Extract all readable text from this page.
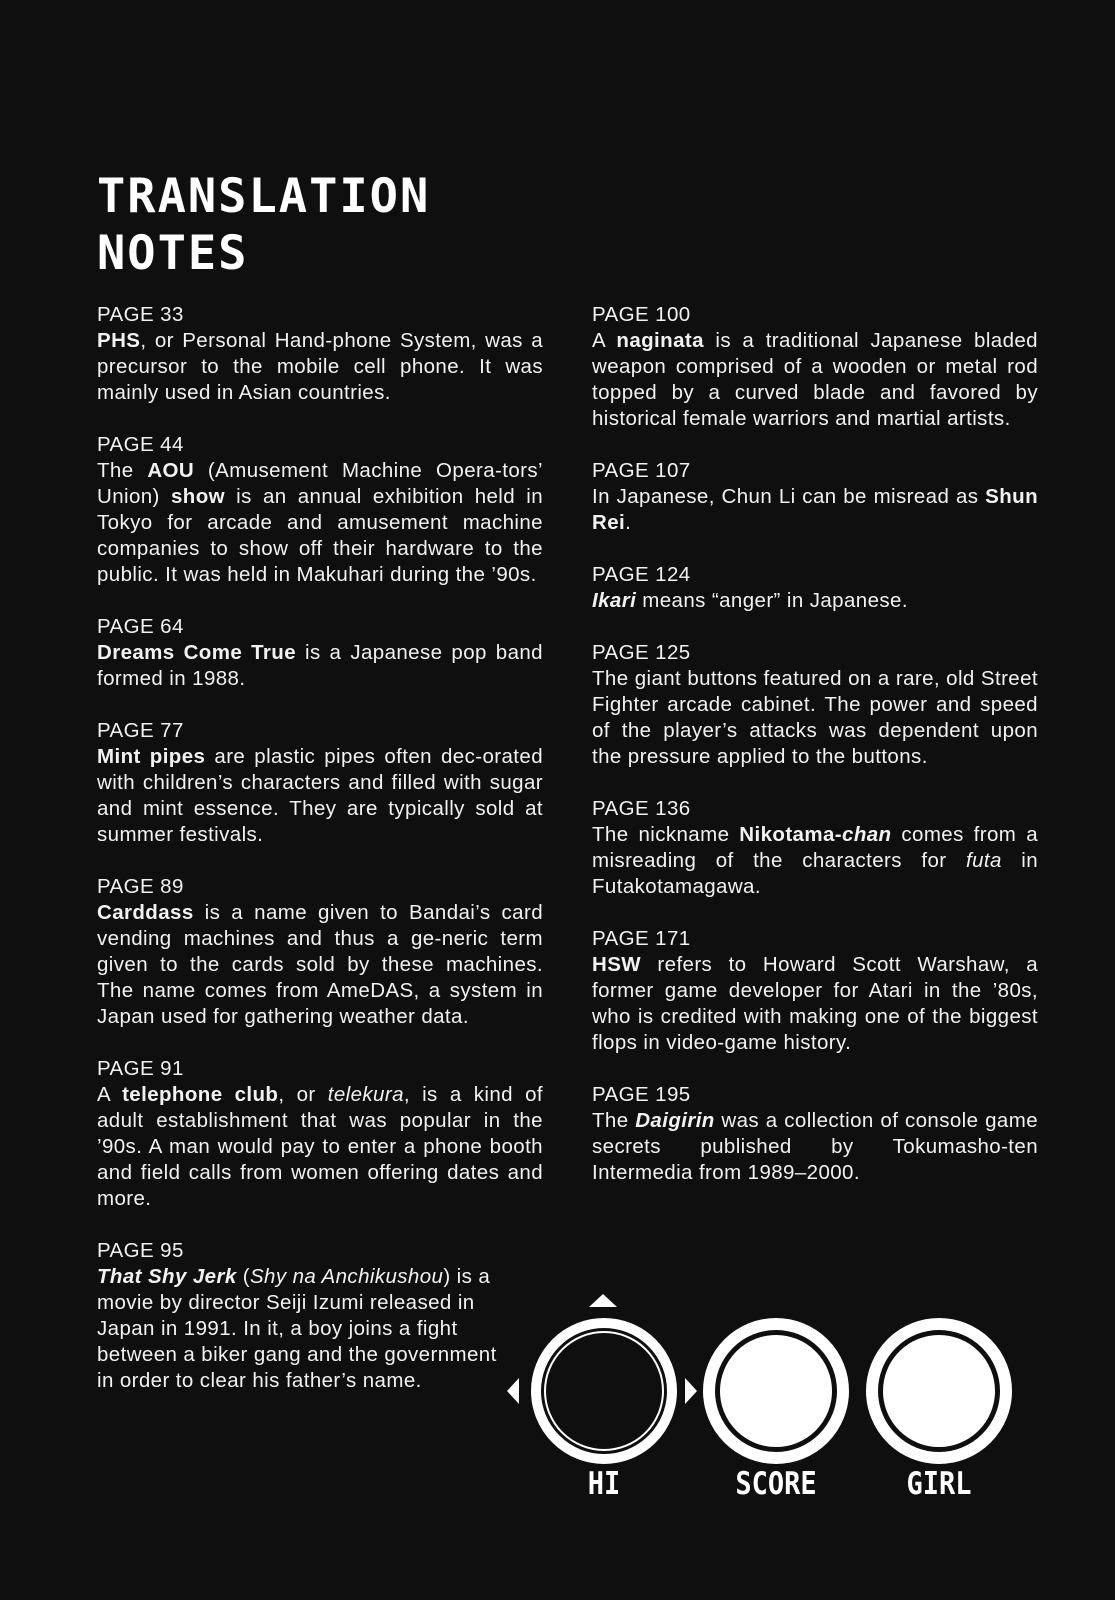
TRANSLATION
NOTES

PAGE 33
PHS, or Personal Hand-phone System, was a precursor to the mobile cell phone. It was mainly used in Asian countries.

PAGE 44
The AOU (Amusement Machine Opera-tors’ Union) show is an annual exhibition held in Tokyo for arcade and amusement machine companies to show off their hardware to the public. It was held in Makuhari during the ’90s.

PAGE 64
Dreams Come True is a Japanese pop band formed in 1988.

PAGE 77
Mint pipes are plastic pipes often dec-orated with children’s characters and filled with sugar and mint essence. They are typically sold at summer festivals.

PAGE 89
Carddass is a name given to Bandai’s card vending machines and thus a ge-neric term given to the cards sold by these machines. The name comes from AmeDAS, a system in Japan used for gathering weather data.

PAGE 91
A telephone club, or telekura, is a kind of adult establishment that was popular in the ’90s. A man would pay to enter a phone booth and field calls from women offering dates and more.

PAGE 95
That Shy Jerk (Shy na Anchikushou) is a movie by director Seiji Izumi released in Japan in 1991. In it, a boy joins a fight between a biker gang and the government in order to clear his father’s name.

PAGE 100
A naginata is a traditional Japanese bladed weapon comprised of a wooden or metal rod topped by a curved blade and favored by historical female warriors and martial artists.

PAGE 107
In Japanese, Chun Li can be misread as Shun Rei.

PAGE 124
Ikari means “anger” in Japanese.

PAGE 125
The giant buttons featured on a rare, old Street Fighter arcade cabinet. The power and speed of the player’s attacks was dependent upon the pressure applied to the buttons.

PAGE 136
The nickname Nikotama-chan comes from a misreading of the characters for futa in Futakotamagawa.

PAGE 171
HSW refers to Howard Scott Warshaw, a former game developer for Atari in the ’80s, who is credited with making one of the biggest flops in video-game history.

PAGE 195
The Daigirin was a collection of console game secrets published by Tokumasho-ten Intermedia from 1989–2000.

HI	SCORE	GIRL
